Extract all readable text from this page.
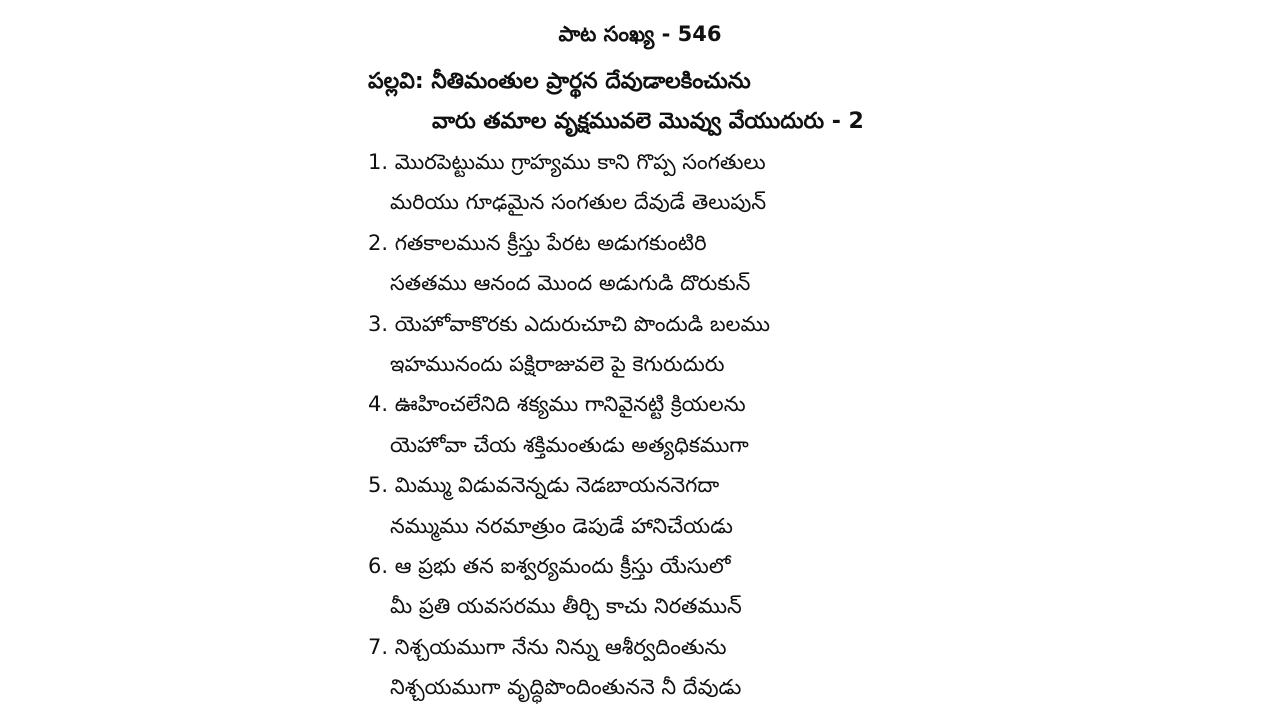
పాట సంఖ్య - 546
పల్లవి: నీతిమంతుల ప్రార్థన దేవుడాలకించును
వారు తమాల వృక్షమువలె మొవ్వు వేయుదురు - 2
1. మొరపెట్టుము గ్రాహ్యము కాని గొప్ప సంగతులు
మరియు గూఢమైన సంగతుల దేవుడే తెలుపున్
2. గతకాలమున క్రీస్తు పేరట అడుగకుంటిరి
సతతము ఆనంద మొంద అడుగుడి దొరుకున్
3. యెహోవాకొరకు ఎదురుచూచి పొందుడి బలము
ఇహమునందు పక్షిరాజువలె పై కెగురుదురు
4. ఊహించలేనిది శక్యము గానివైనట్టి క్రియలను
యెహోవా చేయ శక్తిమంతుడు అత్యధికముగా
5. మిమ్ము విడువనెన్నడు నెడబాయననెగదా
నమ్ముము నరమాత్రుం డెపుడే హానిచేయడు
6. ఆ ప్రభు తన ఐశ్వర్యమందు క్రీస్తు యేసులో
మీ ప్రతి యవసరము తీర్చి కాచు నిరతమున్
7. నిశ్చయముగా నేను నిన్ను ఆశీర్వదింతును
నిశ్చయముగా వృద్ధిపొందింతుననె నీ దేవుడు
